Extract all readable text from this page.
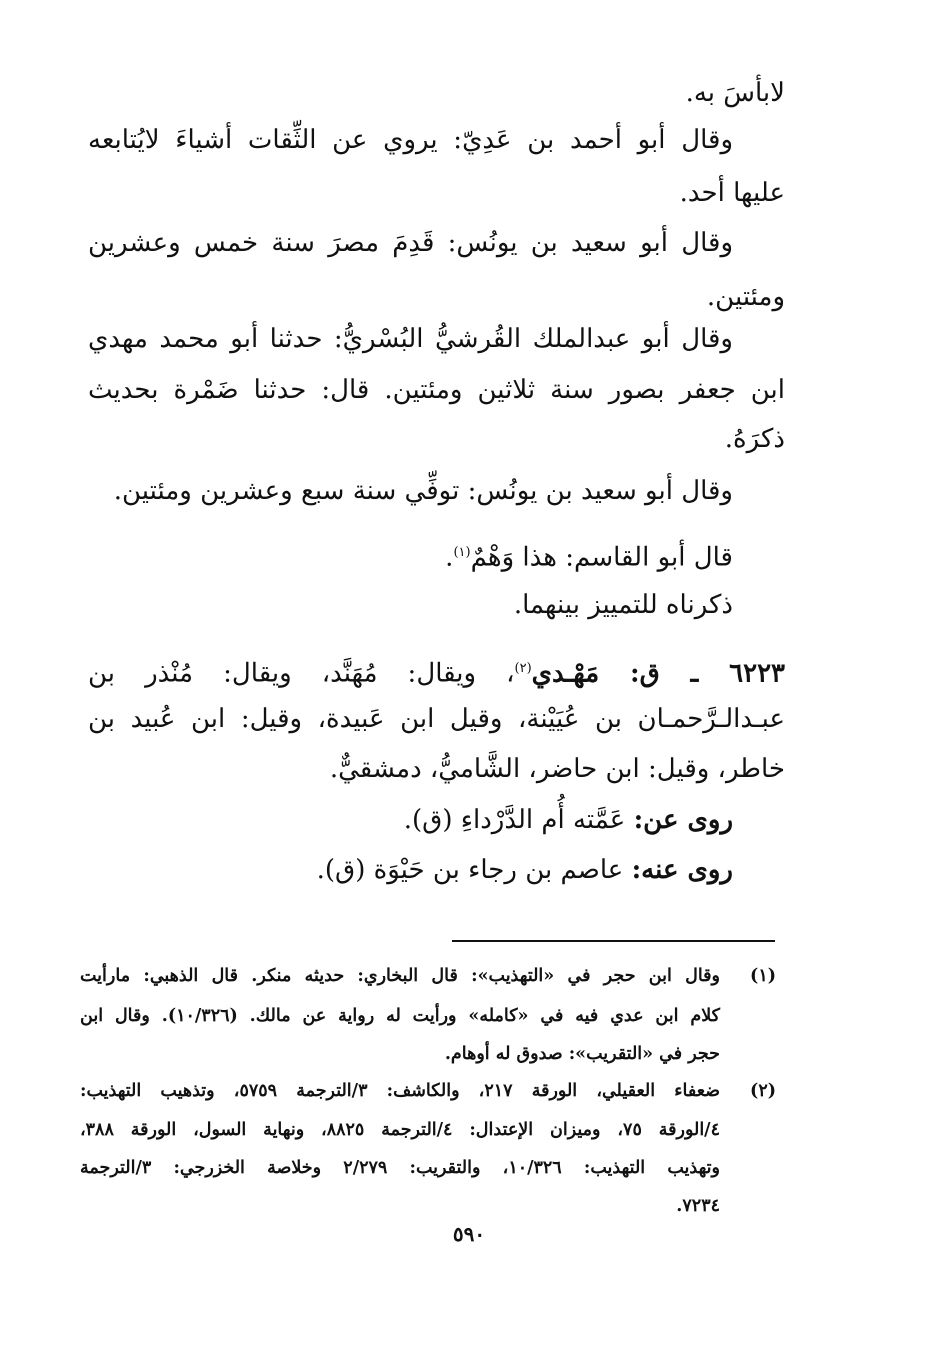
لابأسَ به.
وقال أبو أحمد بن عَدِيّ: يروي عن الثِّقات أشياءَ لايُتابعه
عليها أحد.
وقال أبو سعيد بن يونُس: قَدِمَ مصرَ سنة خمس وعشرين
ومئتين.
وقال أبو عبدالملك القُرشيُّ البُسْريُّ: حدثنا أبو محمد مهدي
ابن جعفر بصور سنة ثلاثين ومئتين. قال: حدثنا ضَمْرة بحديث
ذكرَهُ.
وقال أبو سعيد بن يونُس: توفِّي سنة سبع وعشرين ومئتين.
قال أبو القاسم: هذا وَهْمٌ$^{(١)}$.
ذكرناه للتمييز بينهما.
٦٢٢٣ ـ ق: مَهْـدي$^{(٢)}$، ويقال: مُهَنَّد، ويقال: مُنْذر بن
عبـدالـرَّحمـان بن عُيَيْنة، وقيل ابن عَبيدة، وقيل: ابن عُبيد بن
خاطر، وقيل: ابن حاضر، الشَّاميُّ، دمشقيٌّ.
روى عن: عَمَّته أُم الدَّرْداءِ (ق).
روى عنه: عاصم بن رجاء بن حَيْوَة (ق).
(١)
وقال ابن حجر في «التهذيب»: قال البخاري: حديثه منكر. قال الذهبي: مارأيت
كلام ابن عدي فيه في «كامله» ورأيت له رواية عن مالك. (١٠/٣٢٦). وقال ابن
حجر في «التقريب»: صدوق له أوهام.
(٢)
ضعفاء العقيلي، الورقة ٢١٧، والكاشف: ٣/الترجمة ٥٧٥٩، وتذهيب التهذيب:
٤/الورقة ٧٥، وميزان الإعتدال: ٤/الترجمة ٨٨٢٥، ونهاية السول، الورقة ٣٨٨،
وتهذيب التهذيب: ١٠/٣٢٦، والتقريب: ٢/٢٧٩ وخلاصة الخزرجي: ٣/الترجمة
٧٢٣٤.
٥٩٠
